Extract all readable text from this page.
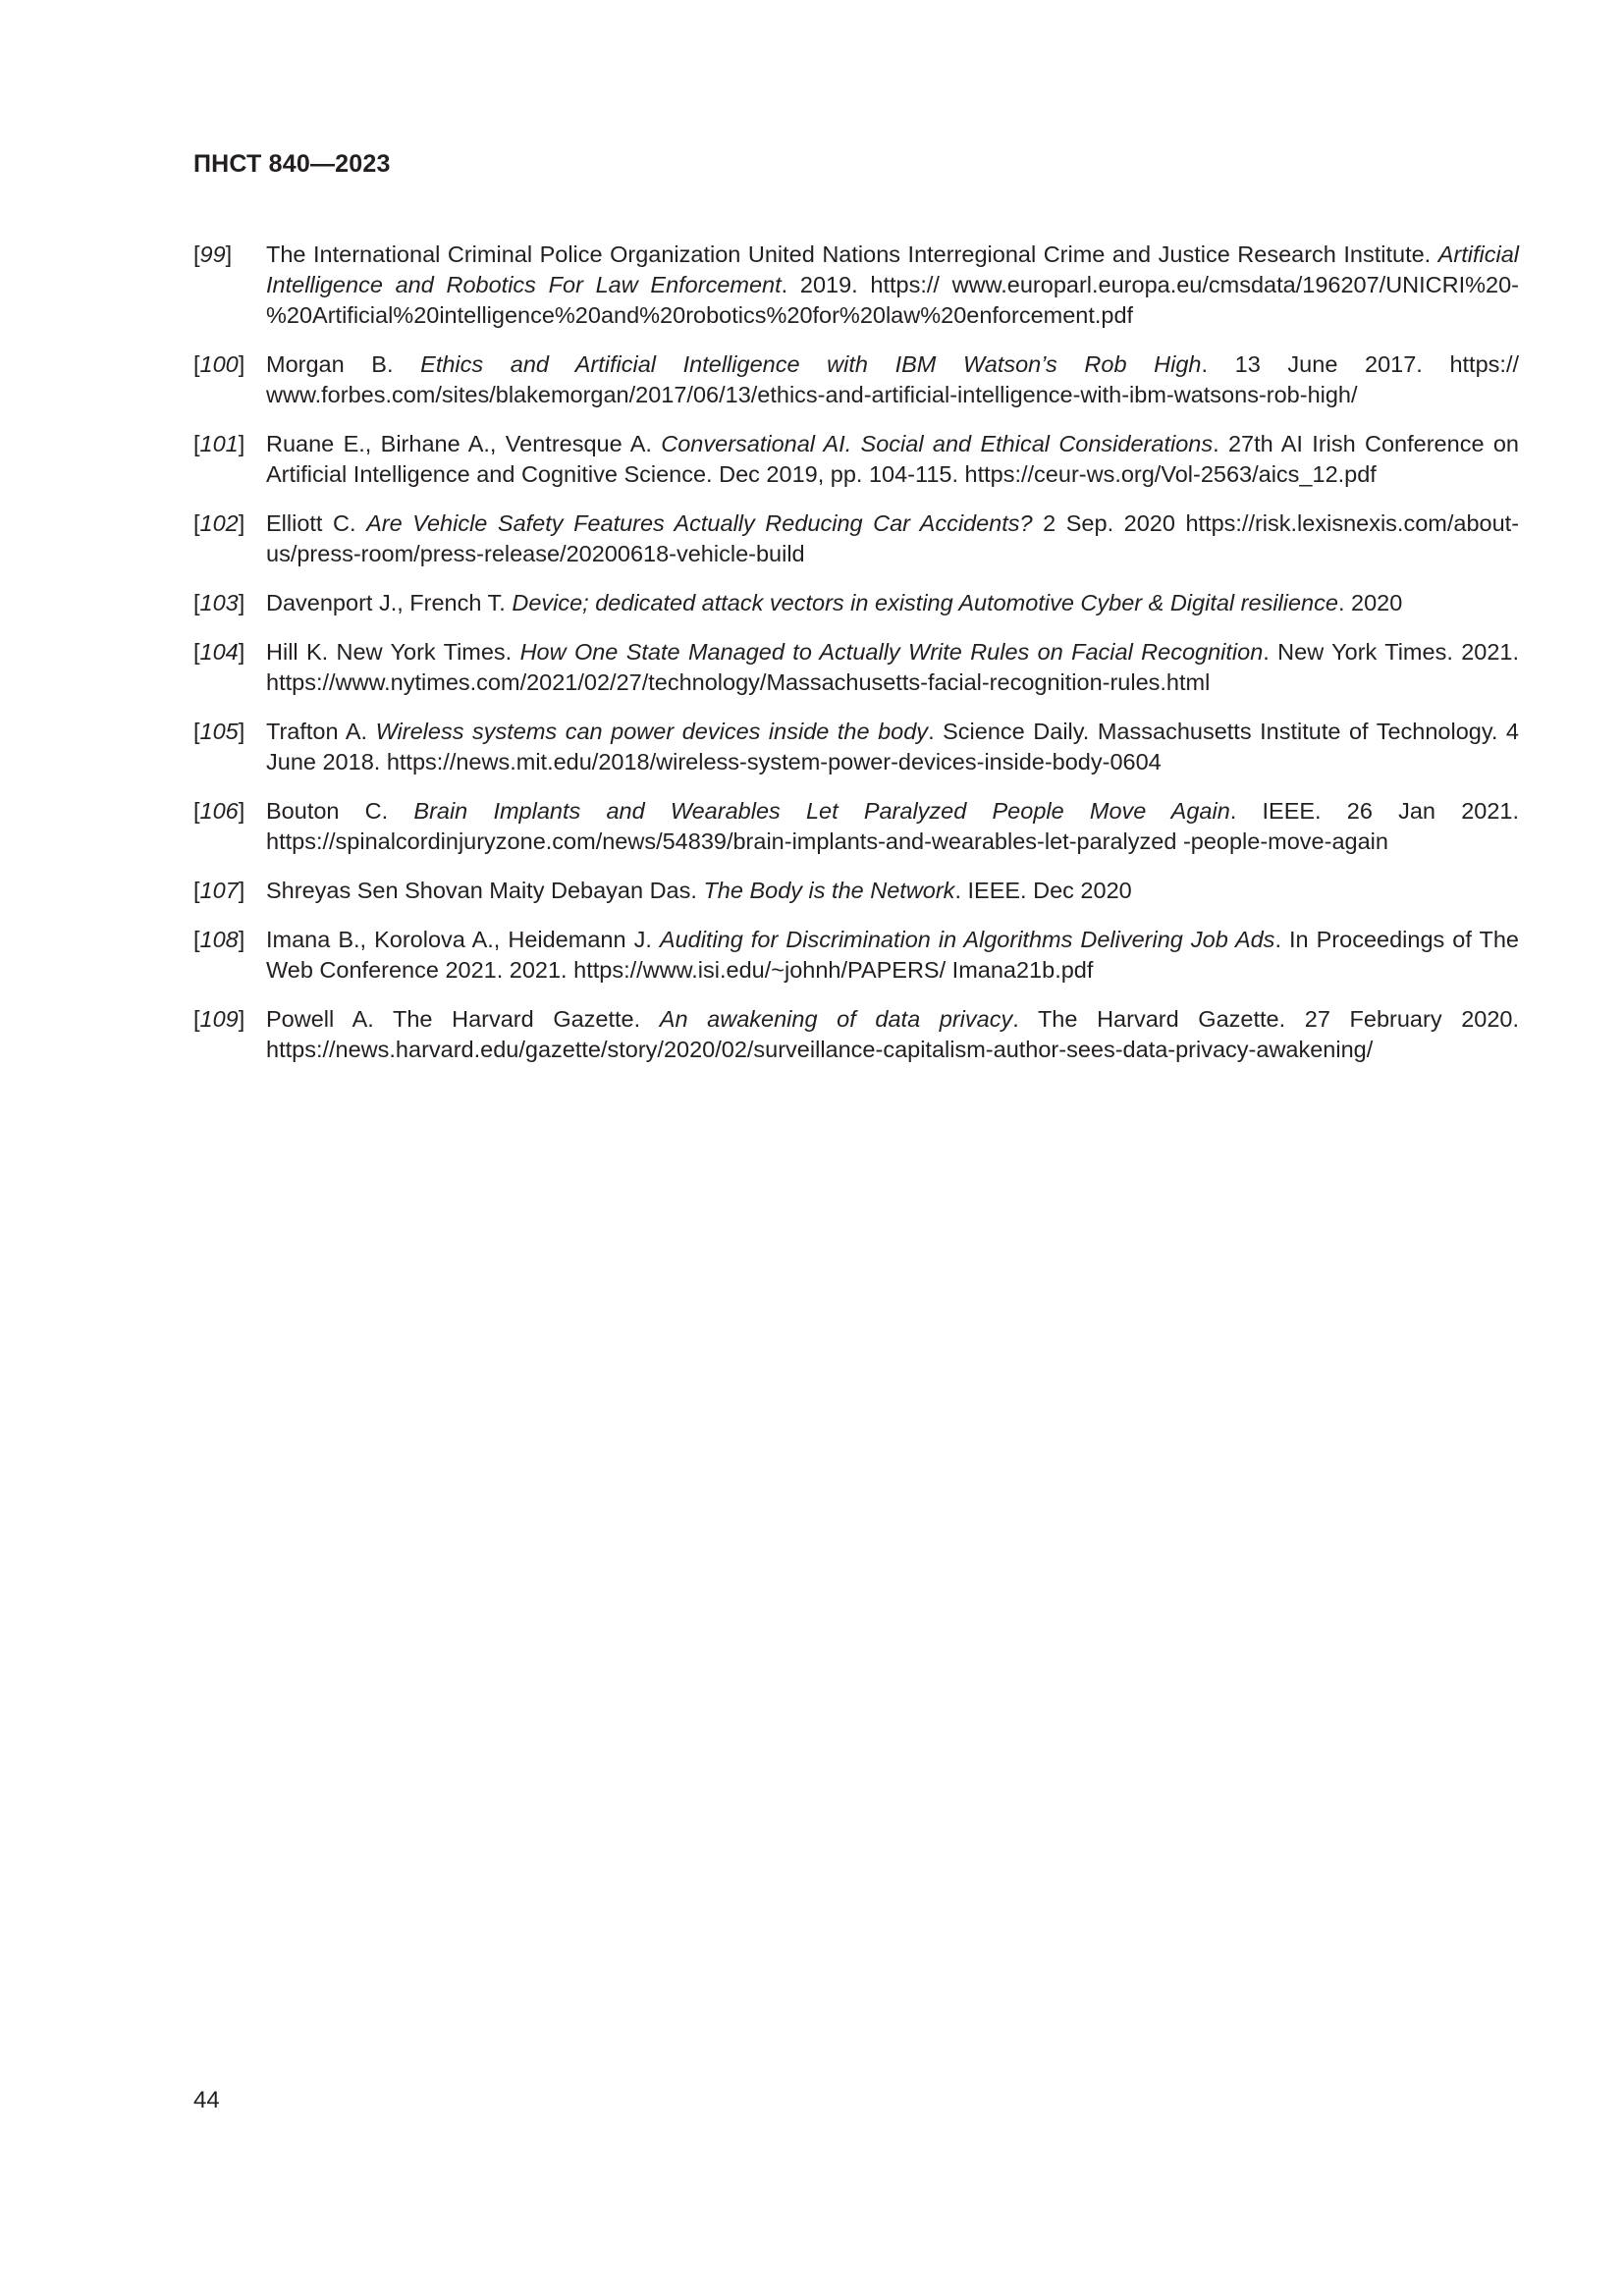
ПНСТ 840—2023
[99]	The International Criminal Police Organization United Nations Interregional Crime and Justice Research Institute. Artificial Intelligence and Robotics For Law Enforcement. 2019. https:// www.europarl.europa.eu/cmsdata/196207/UNICRI%20-%20Artificial%20intelligence%20and%20robotics%20for%20law%20enforcement.pdf
[100] Morgan B. Ethics and Artificial Intelligence with IBM Watson’s Rob High. 13 June 2017. https:// www.forbes.com/sites/blakemorgan/2017/06/13/ethics-and-artificial-intelligence-with-ibm-watsons-rob-high/
[101] Ruane E., Birhane A., Ventresque A. Conversational AI. Social and Ethical Considerations. 27th AI Irish Conference on Artificial Intelligence and Cognitive Science. Dec 2019, pp. 104-115. https://ceur-ws.org/Vol-2563/aics_12.pdf
[102] Elliott C. Are Vehicle Safety Features Actually Reducing Car Accidents? 2 Sep. 2020 https://risk.lexisnexis.com/about-us/press-room/press-release/20200618-vehicle-build
[103] Davenport J., French T. Device; dedicated attack vectors in existing Automotive Cyber & Digital resilience. 2020
[104] Hill K. New York Times. How One State Managed to Actually Write Rules on Facial Recognition. New York Times. 2021. https://www.nytimes.com/2021/02/27/technology/Massachusetts-facial-recognition-rules.html
[105] Trafton A. Wireless systems can power devices inside the body. Science Daily. Massachusetts Institute of Technology. 4 June 2018. https://news.mit.edu/2018/wireless-system-power-devices-inside-body-0604
[106] Bouton C. Brain Implants and Wearables Let Paralyzed People Move Again. IEEE. 26 Jan 2021. https://spinalcordinjuryzone.com/news/54839/brain-implants-and-wearables-let-paralyzed -people-move-again
[107] Shreyas Sen Shovan Maity Debayan Das. The Body is the Network. IEEE. Dec 2020
[108] Imana B., Korolova A., Heidemann J. Auditing for Discrimination in Algorithms Delivering Job Ads. In Proceedings of The Web Conference 2021. 2021. https://www.isi.edu/~johnh/PAPERS/ Imana21b.pdf
[109] Powell A. The Harvard Gazette. An awakening of data privacy. The Harvard Gazette. 27 February 2020. https://news.harvard.edu/gazette/story/2020/02/surveillance-capitalism-author-sees-data-privacy-awakening/
44
